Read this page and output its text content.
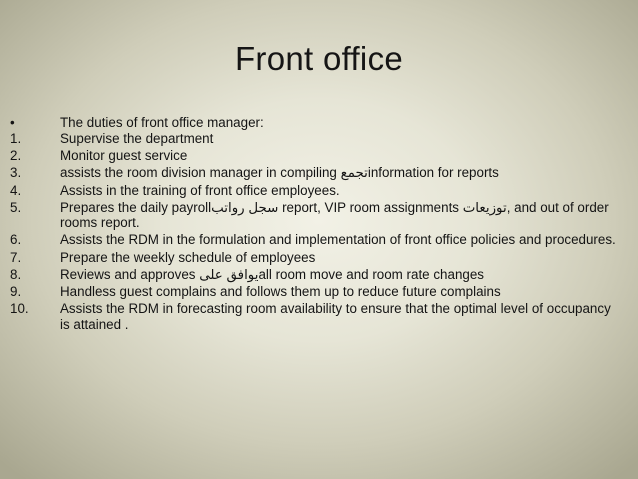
Front office
•	The duties of front office manager:
1.	Supervise the department
2.	Monitor guest service
3.	assists the room division manager in compiling تجمعinformation for reports
4.	Assists in the training of front office employees.
5.	Prepares the daily payrollسجل رواتب report, VIP room assignments توزيعات, and out of order rooms report.
6.	Assists the RDM in the formulation and implementation of front office policies and procedures.
7.	Prepare the weekly schedule of employees
8.	Reviews and approves يوافق علىall room move and room rate changes
9.	Handless guest complains and follows them up to reduce future complains
10.	Assists the RDM in forecasting room availability to ensure that the optimal level of occupancy is attained .
